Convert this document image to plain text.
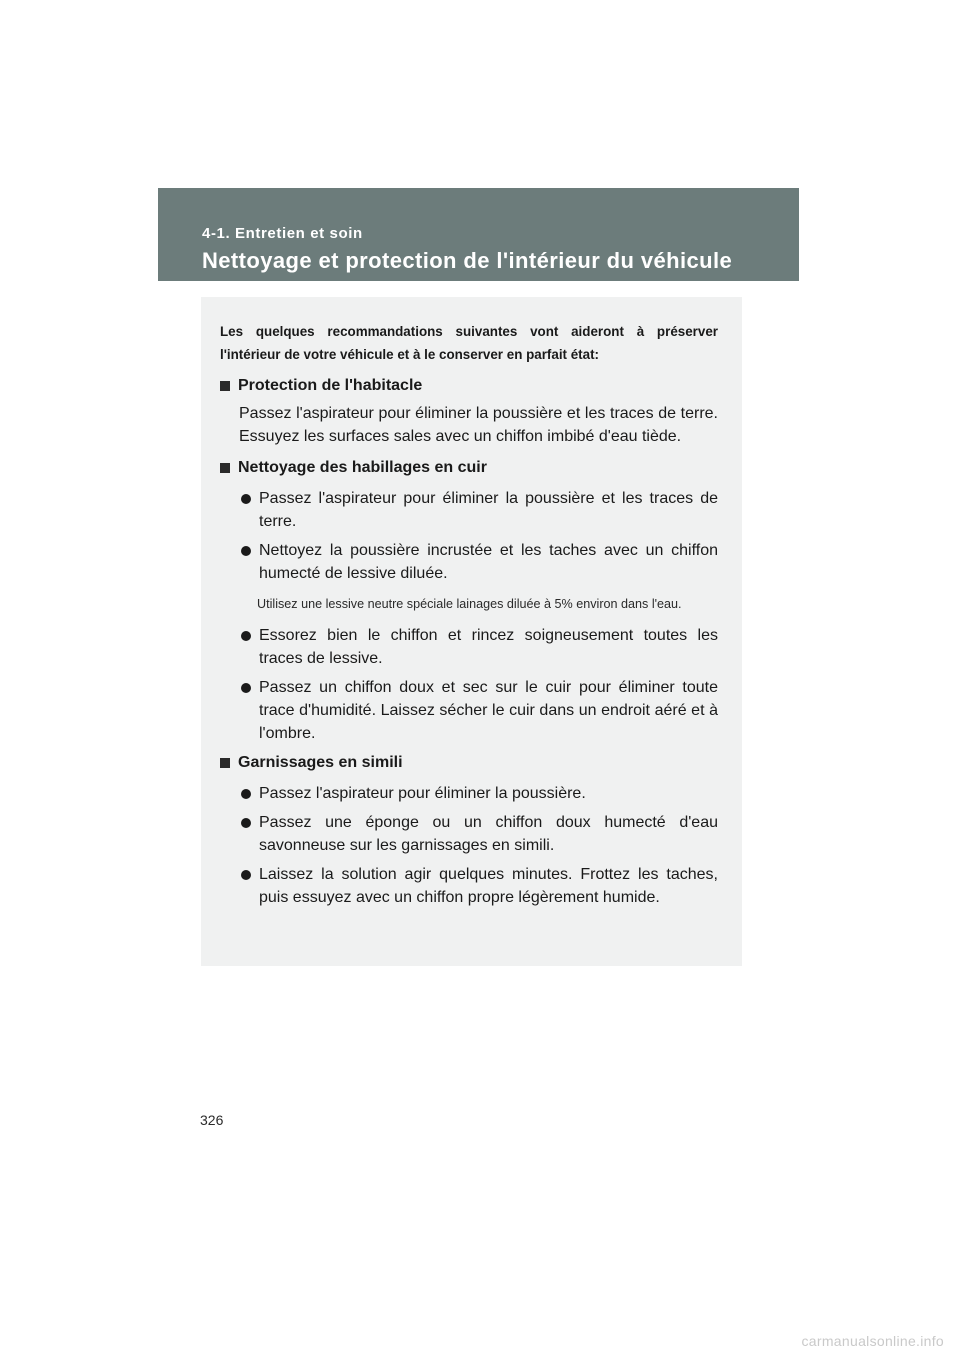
4-1. Entretien et soin
Nettoyage et protection de l'intérieur du véhicule

Les quelques recommandations suivantes vont aideront à préserver l'intérieur de votre véhicule et à le conserver en parfait état:

Protection de l'habitacle

Passez l'aspirateur pour éliminer la poussière et les traces de terre. Essuyez les surfaces sales avec un chiffon imbibé d'eau tiède.

Nettoyage des habillages en cuir
Passez l'aspirateur pour éliminer la poussière et les traces de terre.
Nettoyez la poussière incrustée et les taches avec un chiffon humecté de lessive diluée.

Utilisez une lessive neutre spéciale lainages diluée à 5% environ dans l'eau.

Essorez bien le chiffon et rincez soigneusement toutes les traces de lessive.
Passez un chiffon doux et sec sur le cuir pour éliminer toute trace d'humidité. Laissez sécher le cuir dans un endroit aéré et à l'ombre.
Garnissages en simili
Passez l'aspirateur pour éliminer la poussière.
Passez une éponge ou un chiffon doux humecté d'eau savonneuse sur les garnissages en simili.
Laissez la solution agir quelques minutes. Frottez les taches, puis essuyez avec un chiffon propre légèrement humide.
326
carmanualsonline.info
